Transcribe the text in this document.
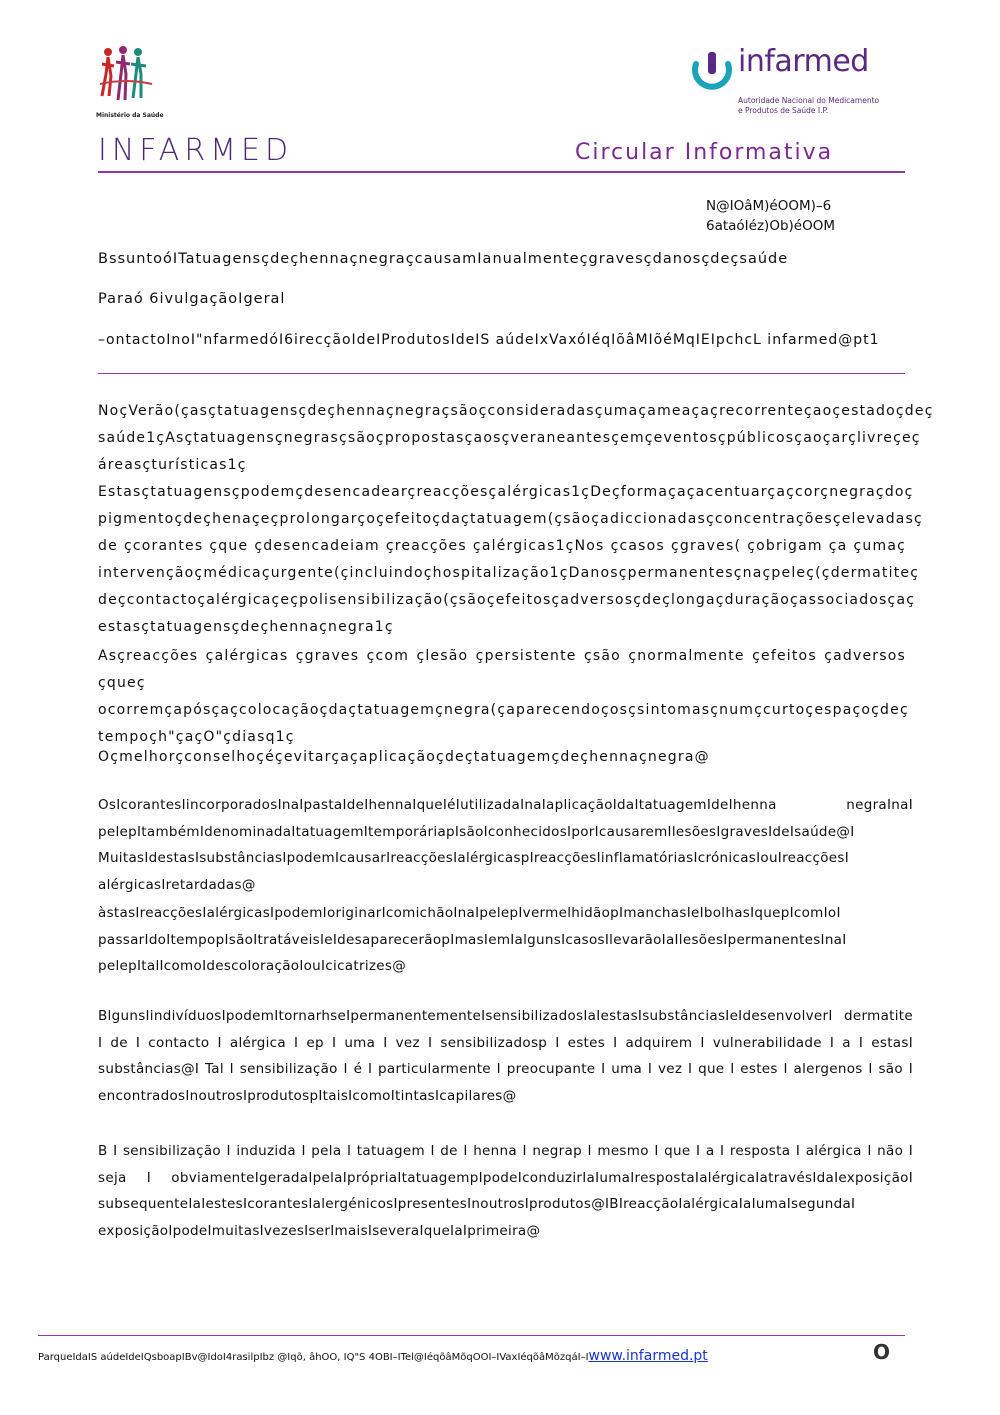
Ministério da Saúde
infarmed
Autoridade Nacional do Medicamento
e Produtos de Saúde I.P.
INFARMED	Circular Informativa
N@IOâM)éOOM)–6
6ataóIéz)Ob)éOOM
BssuntoóITatuagensçdeçhennaçnegraçcausamIanualmenteçgravesçdanosçdeçsaúde
Paraó 6ivulgaçãoIgeral
–ontactoInoI"nfarmedóI6irecçãoIdeIProdutosIdeIS aúdeIxVaxóIéqIõâMIõéMqIEIpchcL infarmed@pt1
NoçVerão(çasçtatuagensçdeçhennaçnegraçsãoçconsideradasçumaçameaçaçrecorrenteçaoçestadoçdeç saúde1çAsçtatuagensçnegrasçsãoçpropostasçaosçveraneantesçemçeventosçpúblicosçaoçarçlivreçeç áreasçturísticas1ç
Estasçtatuagensçpodemçdesencadearçreacçõesçalérgicas1çDeçformaçaçacentuarçaçcorçnegraçdoç pigmentoçdeçhenaçeçprolongarçoçefeitoçdaçtatuagem(çsãoçadiccionadasçconcentraçõesçelevadasç de çcorantes çque çdesencadeiam çreacções çalérgicas1çNos çcasos çgraves( çobrigam ça çumaç intervençãoçmédicaçurgente(çincluindoçhospitalização1çDanosçpermanentesçnaçpeleç(çdermatiteç deçcontactoçalérgicaçeçpolisensibilização(çsãoçefeitosçadversosçdeçlongaçduraçãoçassociadosçaç estasçtatuagensçdeçhennaçnegra1ç
Asçreacções çalérgicas çgraves çcom çlesão çpersistente çsão çnormalmente çefeitos çadversos çqueç ocorremçapósçaçcolocaçãoçdaçtatuagemçnegra(çaparecendoçosçsintomasçnumçcurtoçespaçoçdeç tempoçh"çaçO"çdiasq1ç
Oçmelhorçconselhoçéçevitarçaçaplicaçãoçdeçtatuagemçdeçhennaçnegra@
OsIcorantesIincorporadosInaIpastaIdeIhennaIqueIéIutilizadaInaIaplicaçãoIdaItatuagemIdeIhenna negraInaI pelepItambémIdenominadaItatuagemItemporáriapIsãoIconhecidosIporIcausaremIlesõesIgravesIdeIsaúde@I MuitasIdestasIsubstânciasIpodemIcausarIreacçõesIalérgicaspIreacçõesIinflamatóriasIcrónicasIouIreacçõesI alérgicasIretardadas@
àstasIreacçõesIalérgicasIpodemIoriginarIcomichãoInaIpelepIvermelhidãopImanchasIeIbolhasIquepIcomIoI passarIdoItempopIsãoItratáveisIeIdesaparecerãopImasIemIalgunsIcasosIlevarãoIaIlesõesIpermanentesInaI pelepItalIcomoIdescoloraçãoIouIcicatrizes@
BlgunsIindivíduosIpodemItornarhseIpermanentementeIsensibilizadosIaIestasIsubstânciasIeIdesenvolverI dermatite I de I contacto I alérgica I ep I uma I vez I sensibilizadosp I estes I adquirem I vulnerabilidade I a I estasI substâncias@I Tal I sensibilização I é I particularmente I preocupante I uma I vez I que I estes I alergenos I são I encontradosInoutrosIprodutospItaisIcomoItintasIcapilares@
B I sensibilização I induzida I pela I tatuagem I de I henna I negrap I mesmo I que I a I resposta I alérgica I não I seja I obviamenteIgeradaIpelaIprópriaItatuagempIpodeIconduzirIaIumaIrespostaIalérgicaIatravésIdaIexposiçãoI subsequenteIaIestesIcorantesIalergénicosIpresentesInoutrosIprodutos@IBIreacçãoIalérgicaIaIumaIsegundaI exposiçãoIpodeImuitasIvezesIserImaisIseveraIqueIaIprimeira@
ParqueIdaIS aúdeIdeIQsboapIBv@IdoI4rasilpIbz @Iqõ, âhOO, IQ"S 4OBI–ITel@IéqõâMõqOOI–IVaxIéqõâMõzqáI–Iwww.infarmed.pt	O
